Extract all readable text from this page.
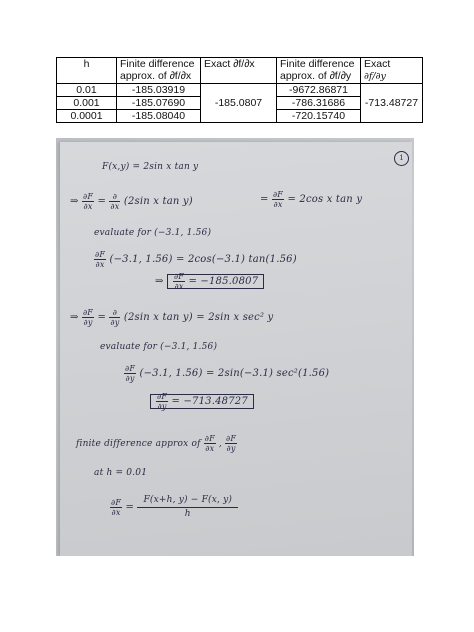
h	Finite difference
approx. of ∂f/∂x	Exact ∂f/∂x	Finite difference
approx. of ∂f/∂y	Exact
∂f/∂y
0.01	-185.03919	-185.0807	-9672.86871	-713.48727
0.001	-185.07690		-786.31686	
0.0001	-185.08040		-720.15740	
1
F(x,y) = 2sin x tan y
⇒ $\frac{\partial F}{\partial x} = \frac{\partial}{\partial x} (2\sin$ x tan y)	= $\frac{\partial F}{\partial x} = 2\cos$ x tan y
evaluate for (−3.1, 1.56)
$\frac{\partial F}{\partial x} (-3.1$, 1.56) = 2cos(−3.1) tan(1.56)
⇒ $\frac{\partial F}{\partial x} = -185.0807$
⇒ $\frac{\partial F}{\partial y} = \frac{\partial}{\partial y} (2\sin$ x tan y) = 2sin x sec² y
evaluate for (−3.1, 1.56)
$\frac{\partial F}{\partial y} (-3.1$, 1.56) = 2sin(−3.1) sec²(1.56)
$\frac{\partial F}{\partial y} = -713.48727$
finite difference approx of $\frac{\partial F}{\partial x}$ , $\frac{\partial F}{\partial y}$
at h = 0.01
$\frac{\partial F}{\partial x} = \frac{F(x+h, y) - F(x, y)}{h}$
